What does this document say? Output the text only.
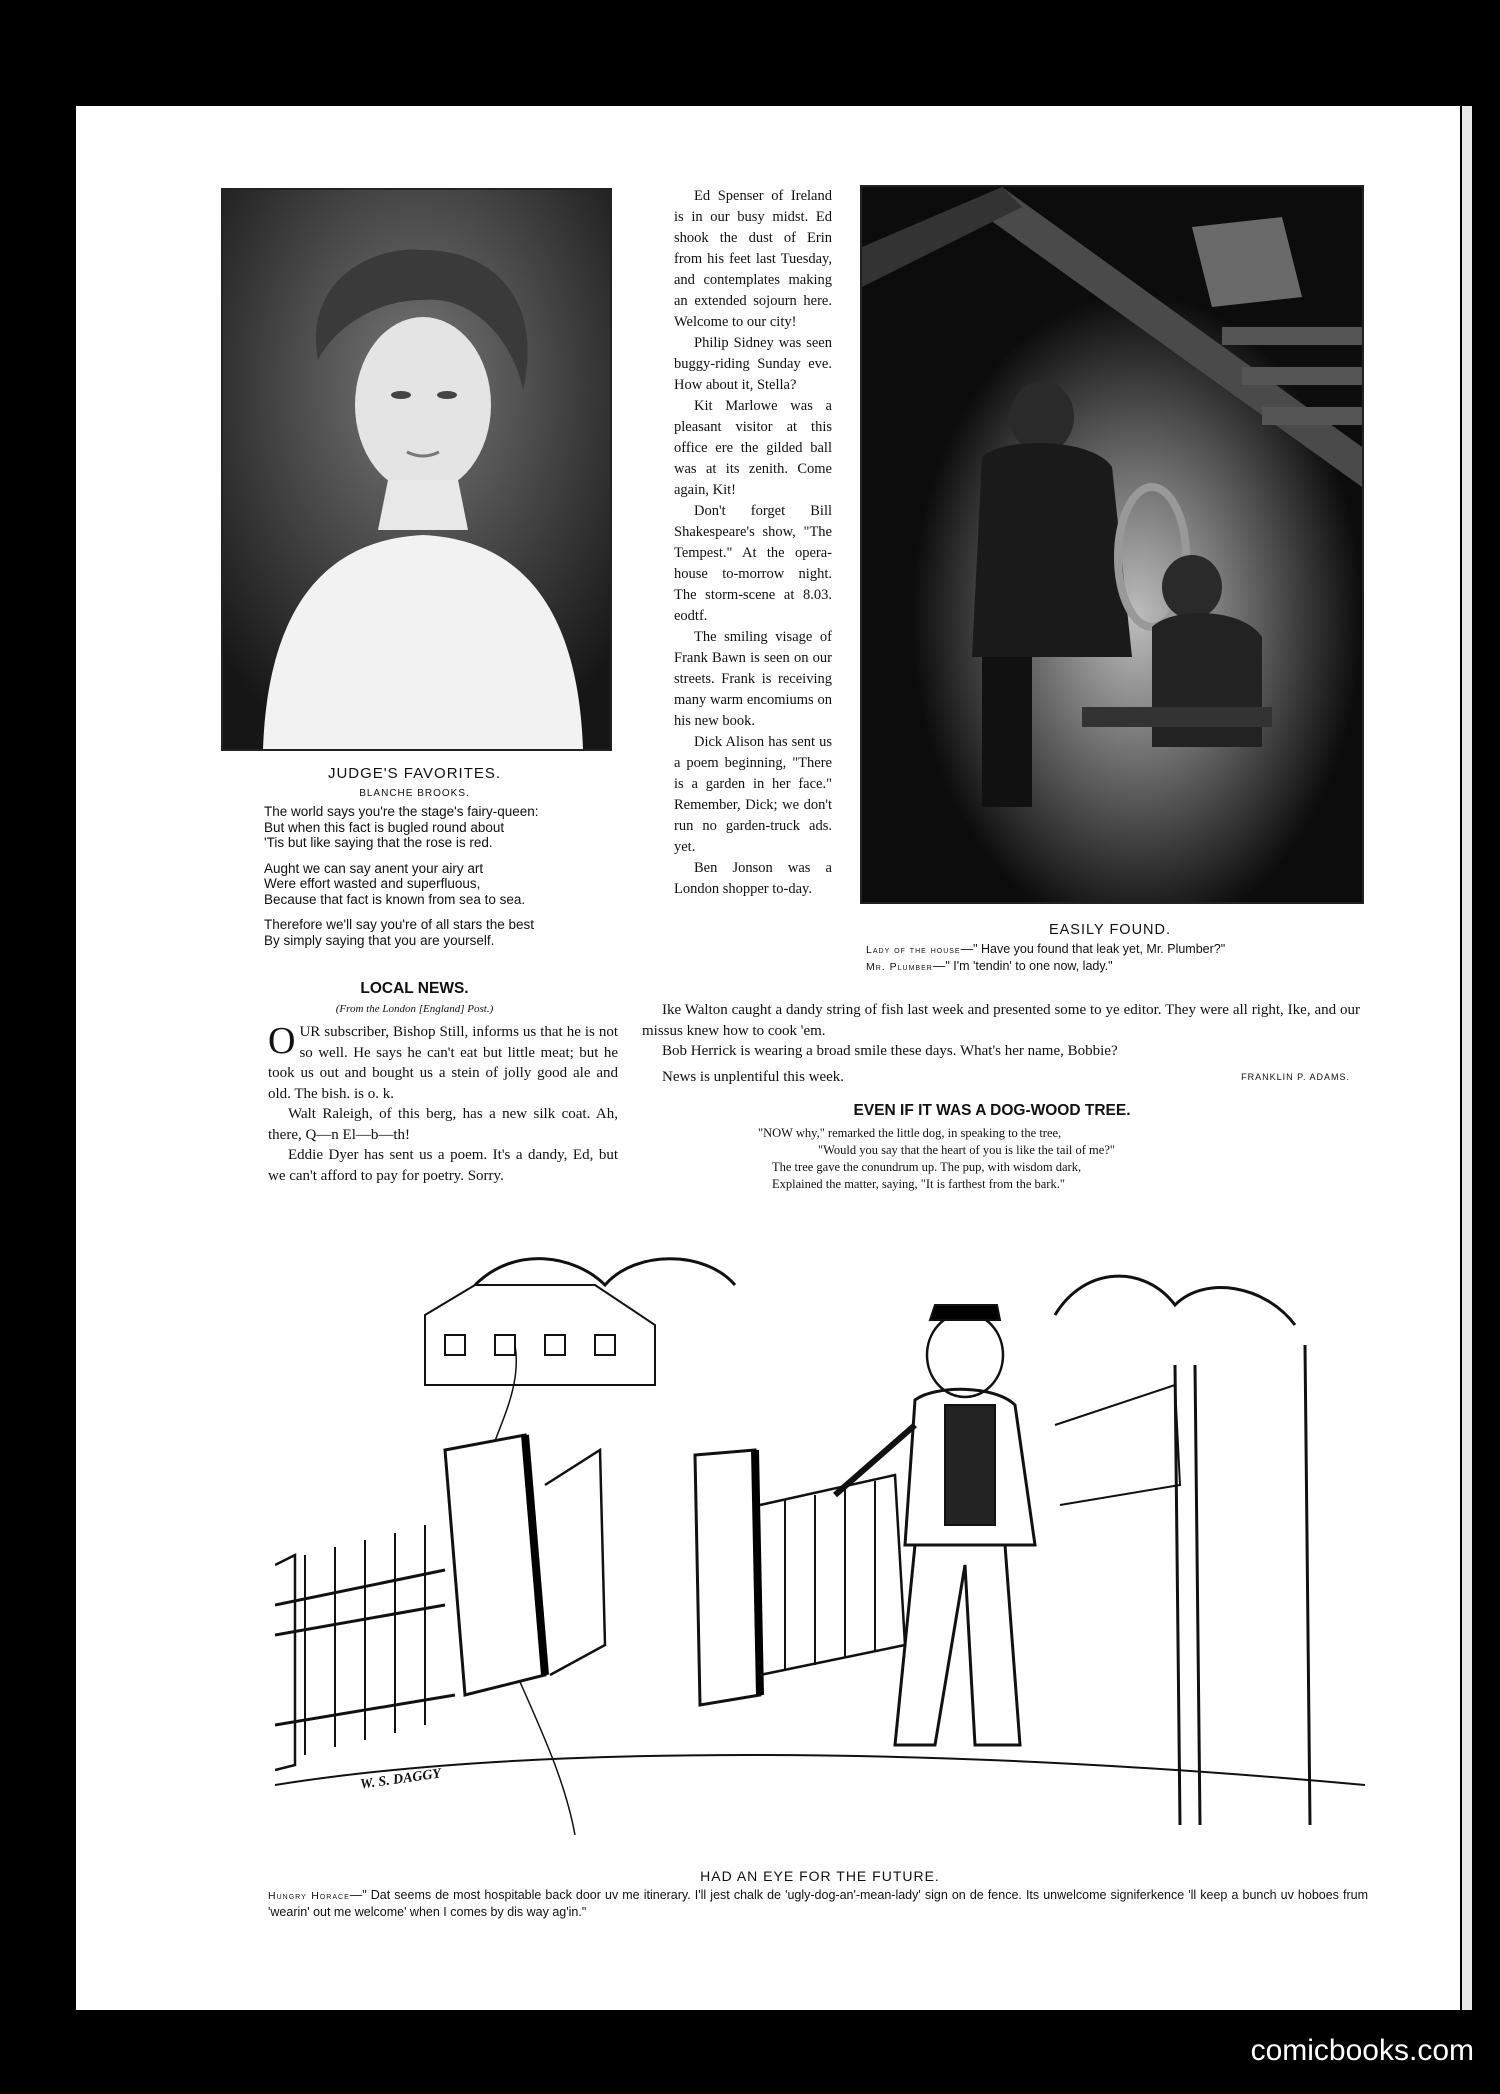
JUDGE'S FAVORITES.
BLANCHE BROOKS.
The world says you're the stage's fairy-queen:
But when this fact is bugled round about
'Tis but like saying that the rose is red.
Aught we can say anent your airy art
Were effort wasted and superfluous,
Because that fact is known from sea to sea.
Therefore we'll say you're of all stars the best
By simply saying that you are yourself.
LOCAL NEWS.
(From the London [England] Post.)
O UR subscriber, Bishop Still, informs us that he is not so well. He says he can't eat but little meat; but he took us out and bought us a stein of jolly good ale and old. The bish. is o. k.

Walt Raleigh, of this berg, has a new silk coat. Ah, there, Q—n El—b—th!

Eddie Dyer has sent us a poem. It's a dandy, Ed, but we can't afford to pay for poetry. Sorry.

Ed Spenser of Ireland is in our busy midst. Ed shook the dust of Erin from his feet last Tuesday, and contemplates making an extended sojourn here. Welcome to our city!

Philip Sidney was seen buggy-riding Sunday eve. How about it, Stella?

Kit Marlowe was a pleasant visitor at this office ere the gilded ball was at its zenith. Come again, Kit!

Don't forget Bill Shakespeare's show, "The Tempest." At the opera-house to-morrow night. The storm-scene at 8.03. eodtf.

The smiling visage of Frank Bawn is seen on our streets. Frank is receiving many warm encomiums on his new book.

Dick Alison has sent us a poem beginning, "There is a garden in her face." Remember, Dick; we don't run no garden-truck ads. yet.

Ben Jonson was a London shopper to-day.

EASILY FOUND.
Lady of the house—" Have you found that leak yet, Mr. Plumber?"
Mr. Plumber—" I'm 'tendin' to one now, lady."

Ike Walton caught a dandy string of fish last week and presented some to ye editor. They were all right, Ike, and our missus knew how to cook 'em.

Bob Herrick is wearing a broad smile these days. What's her name, Bobbie?

News is unplentiful this week.	FRANKLIN P. ADAMS.
EVEN IF IT WAS A DOG-WOOD TREE.
"NOW why," remarked the little dog, in speaking to the tree,
"Would you say that the heart of you is like the tail of me?"
The tree gave the conundrum up. The pup, with wisdom dark,
Explained the matter, saying, "It is farthest from the bark."
W. S. DAGGY
HAD AN EYE FOR THE FUTURE.
Hungry Horace—" Dat seems de most hospitable back door uv me itinerary. I'll jest chalk de 'ugly-dog-an'-mean-lady' sign on de fence. Its unwelcome signiferkence 'll keep a bunch uv hoboes frum 'wearin' out me welcome' when I comes by dis way ag'in."
comicbooks.com
